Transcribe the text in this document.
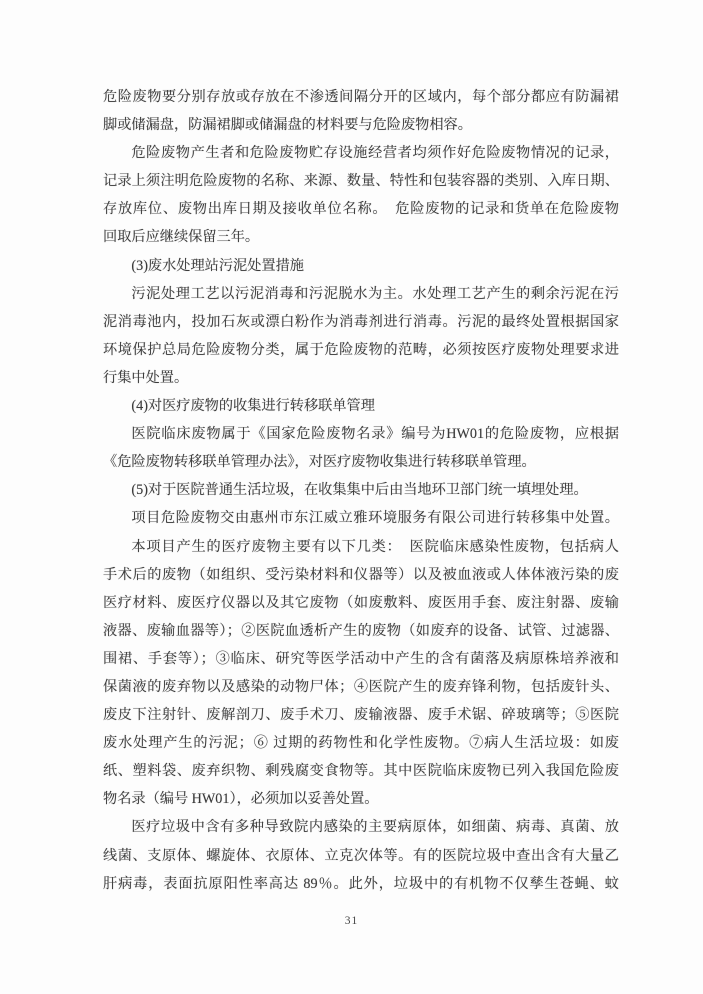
危险废物要分别存放或存放在不渗透间隔分开的区域内，每个部分都应有防漏裙
脚或储漏盘，防漏裙脚或储漏盘的材料要与危险废物相容。
危险废物产生者和危险废物贮存设施经营者均须作好危险废物情况的记录，
记录上须注明危险废物的名称、来源、数量、特性和包装容器的类别、入库日期、
存放库位、废物出库日期及接收单位名称。　危险废物的记录和货单在危险废物
回取后应继续保留三年。
(3)废水处理站污泥处置措施
污泥处理工艺以污泥消毒和污泥脱水为主。水处理工艺产生的剩余污泥在污
泥消毒池内，投加石灰或漂白粉作为消毒剂进行消毒。污泥的最终处置根据国家
环境保护总局危险废物分类，属于危险废物的范畴，必须按医疗废物处理要求进
行集中处置。
(4)对医疗废物的收集进行转移联单管理
医院临床废物属于《国家危险废物名录》编号为HW01的危险废物，应根据
《危险废物转移联单管理办法》，对医疗废物收集进行转移联单管理。
(5)对于医院普通生活垃圾，在收集集中后由当地环卫部门统一填埋处理。
项目危险废物交由惠州市东江威立雅环境服务有限公司进行转移集中处置。
本项目产生的医疗废物主要有以下几类：　医院临床感染性废物，包括病人
手术后的废物（如组织、受污染材料和仪器等）以及被血液或人体体液污染的废
医疗材料、废医疗仪器以及其它废物（如废敷料、废医用手套、废注射器、废输
液器、废输血器等）；②医院血透析产生的废物（如废弃的设备、试管、过滤器、
围裙、手套等）；③临床、研究等医学活动中产生的含有菌落及病原株培养液和
保菌液的废弃物以及感染的动物尸体；④医院产生的废弃锋利物，包括废针头、
废皮下注射针、废解剖刀、废手术刀、废输液器、废手术锯、碎玻璃等；⑤医院
废水处理产生的污泥；⑥ 过期的药物性和化学性废物。⑦病人生活垃圾：如废
纸、塑料袋、废弃织物、剩残腐变食物等。其中医院临床废物已列入我国危险废
物名录（编号 HW01），必须加以妥善处置。
医疗垃圾中含有多种导致院内感染的主要病原体，如细菌、病毒、真菌、放
线菌、支原体、螺旋体、衣原体、立克次体等。有的医院垃圾中查出含有大量乙
肝病毒，表面抗原阳性率高达 89％。此外，垃圾中的有机物不仅孳生苍蝇、蚊
31
